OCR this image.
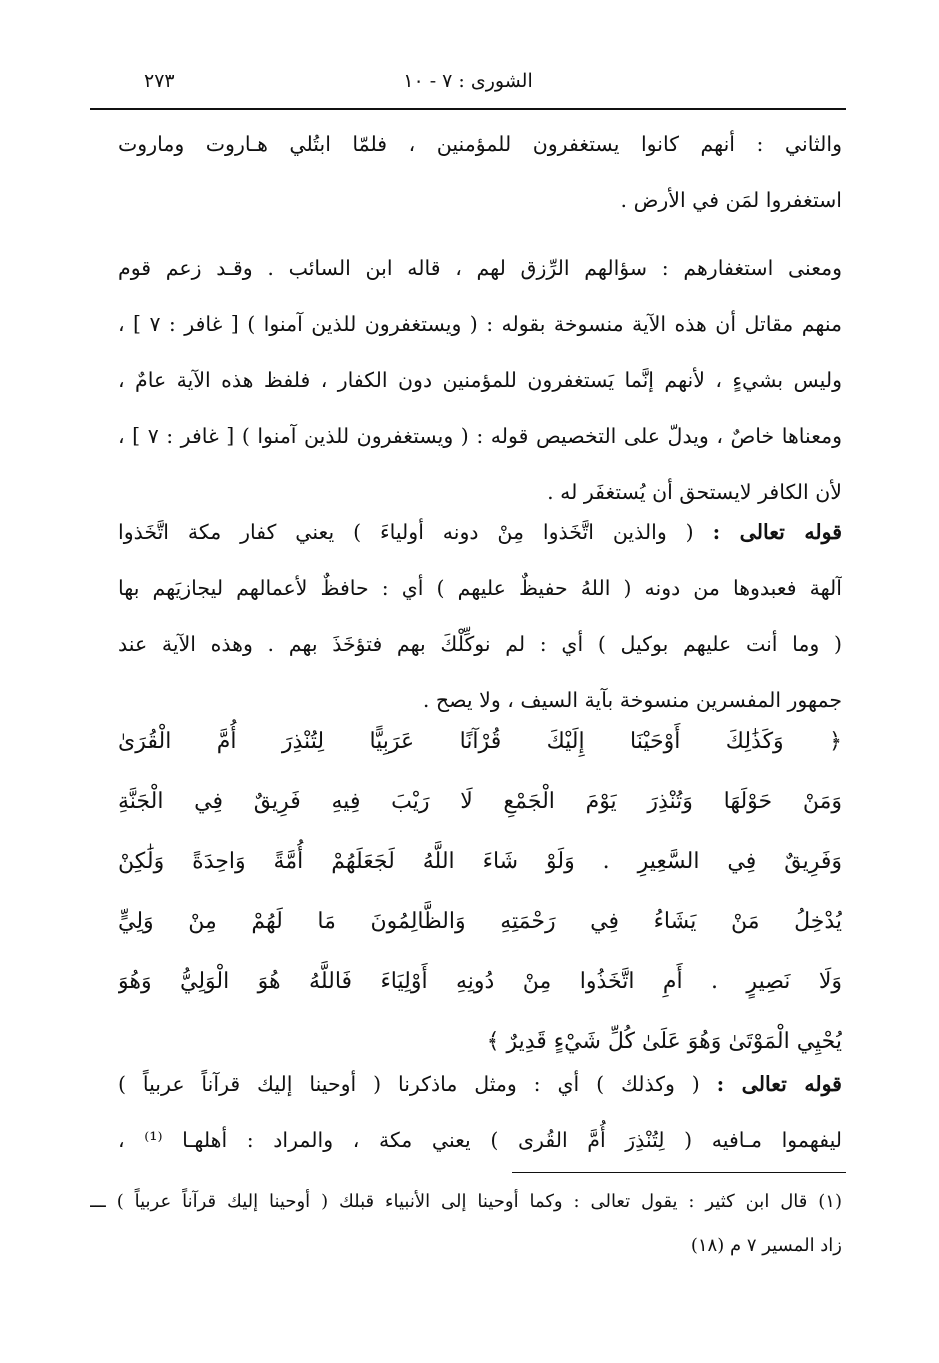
الشورى : ٧ - ١٠
٢٧٣
والثاني : أنهم كانوا يستغفرون للمؤمنين ، فلمّا ابتُلي هـاروت وماروت
استغفروا لمَن في الأرض .
ومعنى استغفارهم : سؤالهم الرِّزق لهم ، قاله ابن السائب . وقـد زعم قوم
منهم مقاتل أن هذه الآية منسوخة بقوله : ( ويستغفرون للذين آمنوا ) [ غافر : ٧ ] ،
وليس بشيءٍ ، لأنهم إنَّما يَستغفرون للمؤمنين دون الكفار ، فلفظ هذه الآية عامٌ ،
ومعناها خاصٌ ، ويدلّ على التخصيص قوله : ( ويستغفرون للذين آمنوا ) [ غافر : ٧ ] ،
لأن الكافر لايستحق أن يُستغفَر له .
قوله تعالى : ( والذين اتَّخَذوا مِنْ دونه أولياءَ ) يعني كفار مكة اتَّخَذوا
آلهة فعبدوها من دونه ( اللهُ حفيظٌ عليهم ) أي : حافظٌ لأعمالهم ليجازيَهم بها
( وما أنت عليهم بوكيل ) أي : لم نوكِّلْكَ بهم فتؤخَذَ بهم . وهذه الآية عند
جمهور المفسرين منسوخة بآية السيف ، ولا يصح .
﴿ وَكَذَٰلِكَ أَوْحَيْنَا إِلَيْكَ قُرْآنًا عَرَبِيًّا لِتُنْذِرَ أُمَّ الْقُرَىٰ
وَمَنْ حَوْلَهَا وَتُنْذِرَ يَوْمَ الْجَمْعِ لَا رَيْبَ فِيهِ فَرِيقٌ فِي الْجَنَّةِ
وَفَرِيقٌ فِي السَّعِيرِ . وَلَوْ شَاءَ اللَّهُ لَجَعَلَهُمْ أُمَّةً وَاحِدَةً وَلَٰكِنْ
يُدْخِلُ مَنْ يَشَاءُ فِي رَحْمَتِهِ وَالظَّالِمُونَ مَا لَهُمْ مِنْ وَلِيٍّ
وَلَا نَصِيرٍ . أَمِ اتَّخَذُوا مِنْ دُونِهِ أَوْلِيَاءَ فَاللَّهُ هُوَ الْوَلِيُّ وَهُوَ
يُحْيِي الْمَوْتَىٰ وَهُوَ عَلَىٰ كُلِّ شَيْءٍ قَدِيرٌ ﴾
قوله تعالى : ( وكذلك ) أي : ومثل ماذكرنا ( أوحينا إليك قرآناً عربياً )
ليفهموا مـافيه ( لِتُنْذِرَ أُمَّ القُرى ) يعني مكة ، والمراد : أهلهـا ⁽¹⁾ ،
(١) قال ابن كثير : يقول تعالى : وكما أوحينا إلى الأنبياء قبلك ( أوحينا إليك قرآناً عربياً ) ـــ
زاد المسير ٧ م (١٨)
